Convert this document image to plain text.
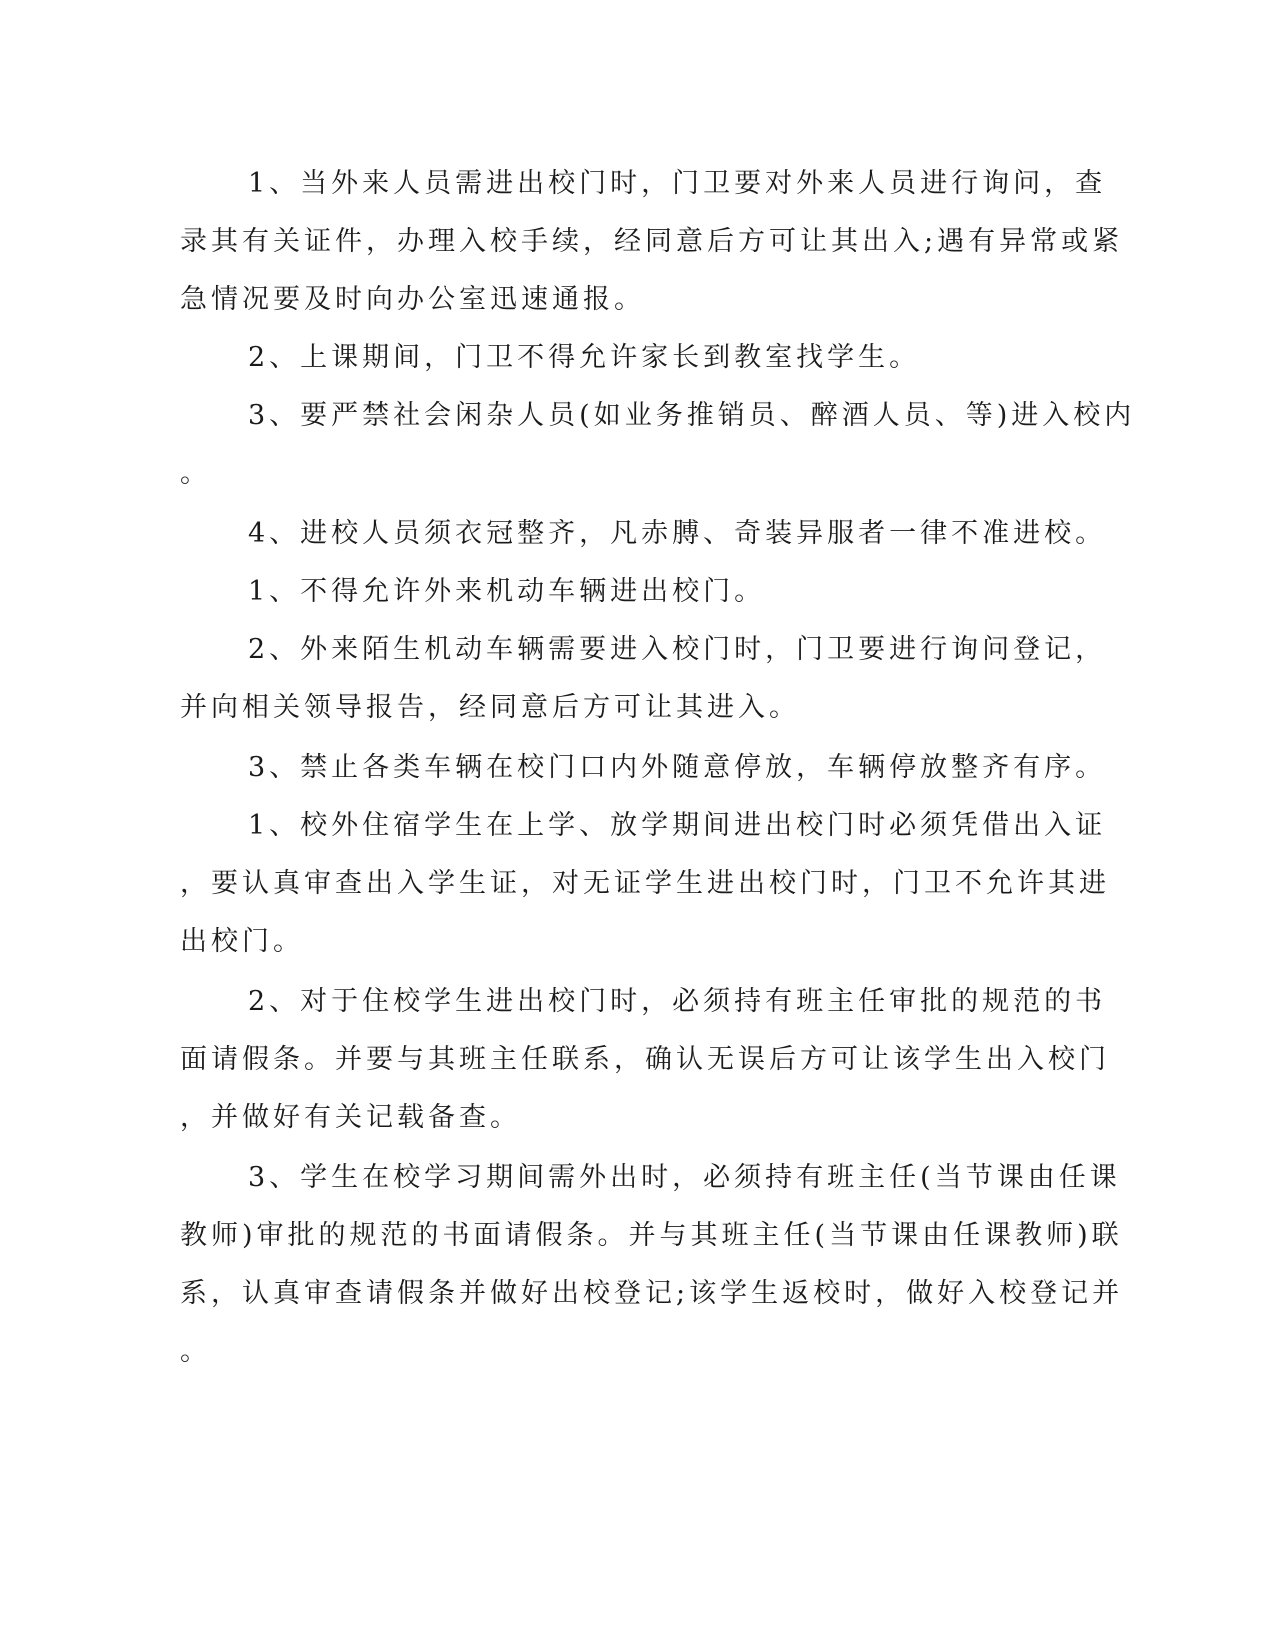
1、当外来人员需进出校门时，门卫要对外来人员进行询问，查
录其有关证件，办理入校手续，经同意后方可让其出入;遇有异常或紧
急情况要及时向办公室迅速通报。
2、上课期间，门卫不得允许家长到教室找学生。
3、要严禁社会闲杂人员(如业务推销员、醉酒人员、等)进入校内
。
4、进校人员须衣冠整齐，凡赤膊、奇装异服者一律不准进校。
1、不得允许外来机动车辆进出校门。
2、外来陌生机动车辆需要进入校门时，门卫要进行询问登记，
并向相关领导报告，经同意后方可让其进入。
3、禁止各类车辆在校门口内外随意停放，车辆停放整齐有序。
1、校外住宿学生在上学、放学期间进出校门时必须凭借出入证
，要认真审查出入学生证，对无证学生进出校门时，门卫不允许其进
出校门。
2、对于住校学生进出校门时，必须持有班主任审批的规范的书
面请假条。并要与其班主任联系，确认无误后方可让该学生出入校门
，并做好有关记载备查。
3、学生在校学习期间需外出时，必须持有班主任(当节课由任课
教师)审批的规范的书面请假条。并与其班主任(当节课由任课教师)联
系，认真审查请假条并做好出校登记;该学生返校时，做好入校登记并
。
